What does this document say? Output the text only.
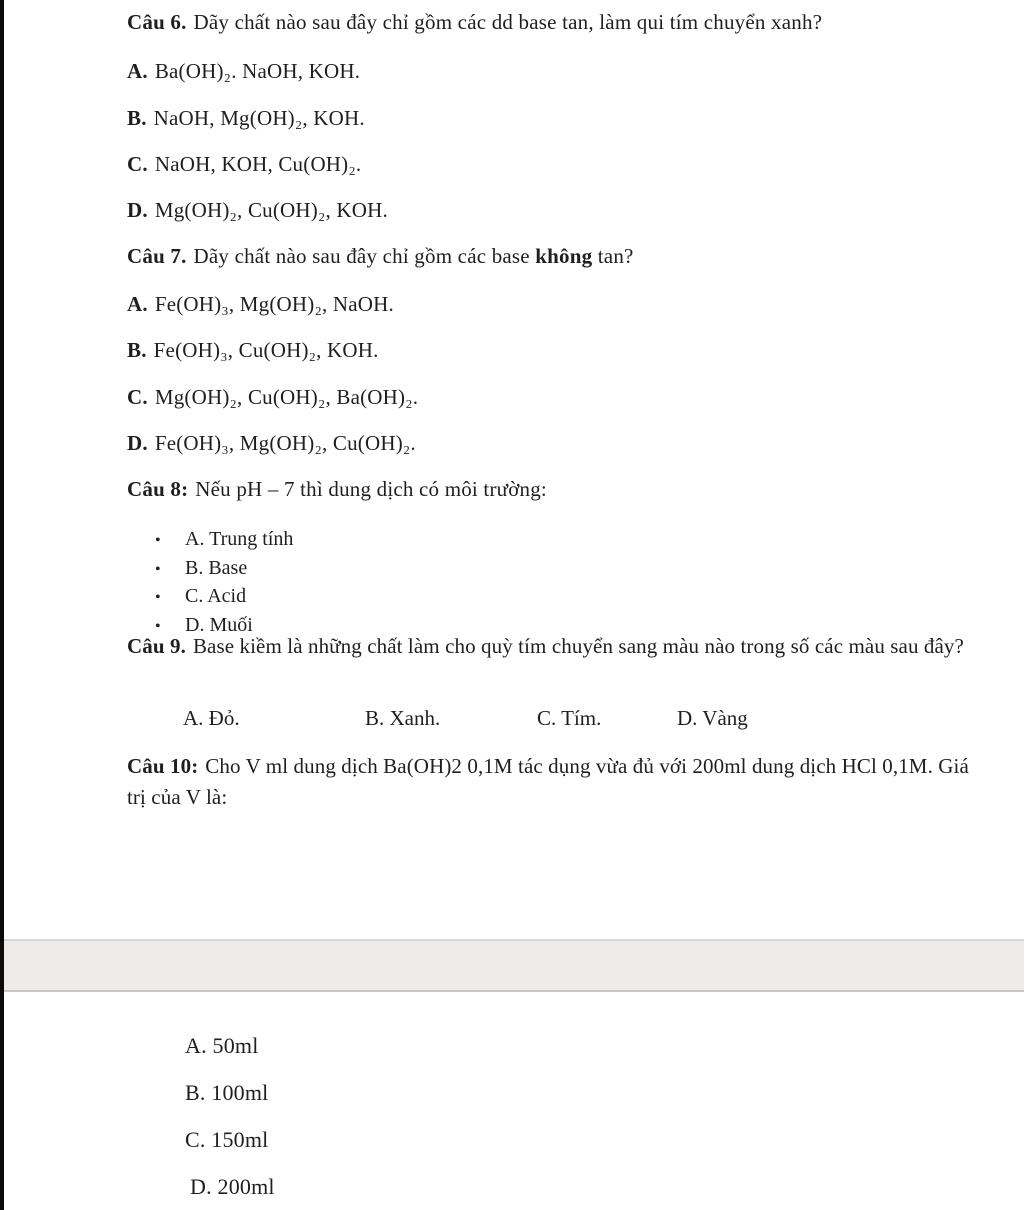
Câu 6. Dãy chất nào sau đây chỉ gồm các dd base tan, làm qui tím chuyển xanh?
A. Ba(OH)₂. NaOH, KOH.
B. NaOH, Mg(OH)₂, KOH.
C. NaOH, KOH, Cu(OH)₂.
D. Mg(OH)₂, Cu(OH)₂, KOH.
Câu 7. Dãy chất nào sau đây chỉ gồm các base không tan?
A. Fe(OH)₃, Mg(OH)₂, NaOH.
B. Fe(OH)₃, Cu(OH)₂, KOH.
C. Mg(OH)₂, Cu(OH)₂, Ba(OH)₂.
D. Fe(OH)₃, Mg(OH)₂, Cu(OH)₂.
Câu 8: Nếu pH – 7 thì dung dịch có môi trường:
•	A. Trung tính
•	B. Base
•	C. Acid
•	D. Muối
Câu 9. Base kiềm là những chất làm cho quỳ tím chuyển sang màu nào trong số các màu sau đây?
A. Đỏ.	B. Xanh.	C. Tím.	D. Vàng
Câu 10: Cho V ml dung dịch Ba(OH)2 0,1M tác dụng vừa đủ với 200ml dung dịch HCl 0,1M. Giá trị của V là:
A. 50ml
B. 100ml
C. 150ml
D. 200ml
